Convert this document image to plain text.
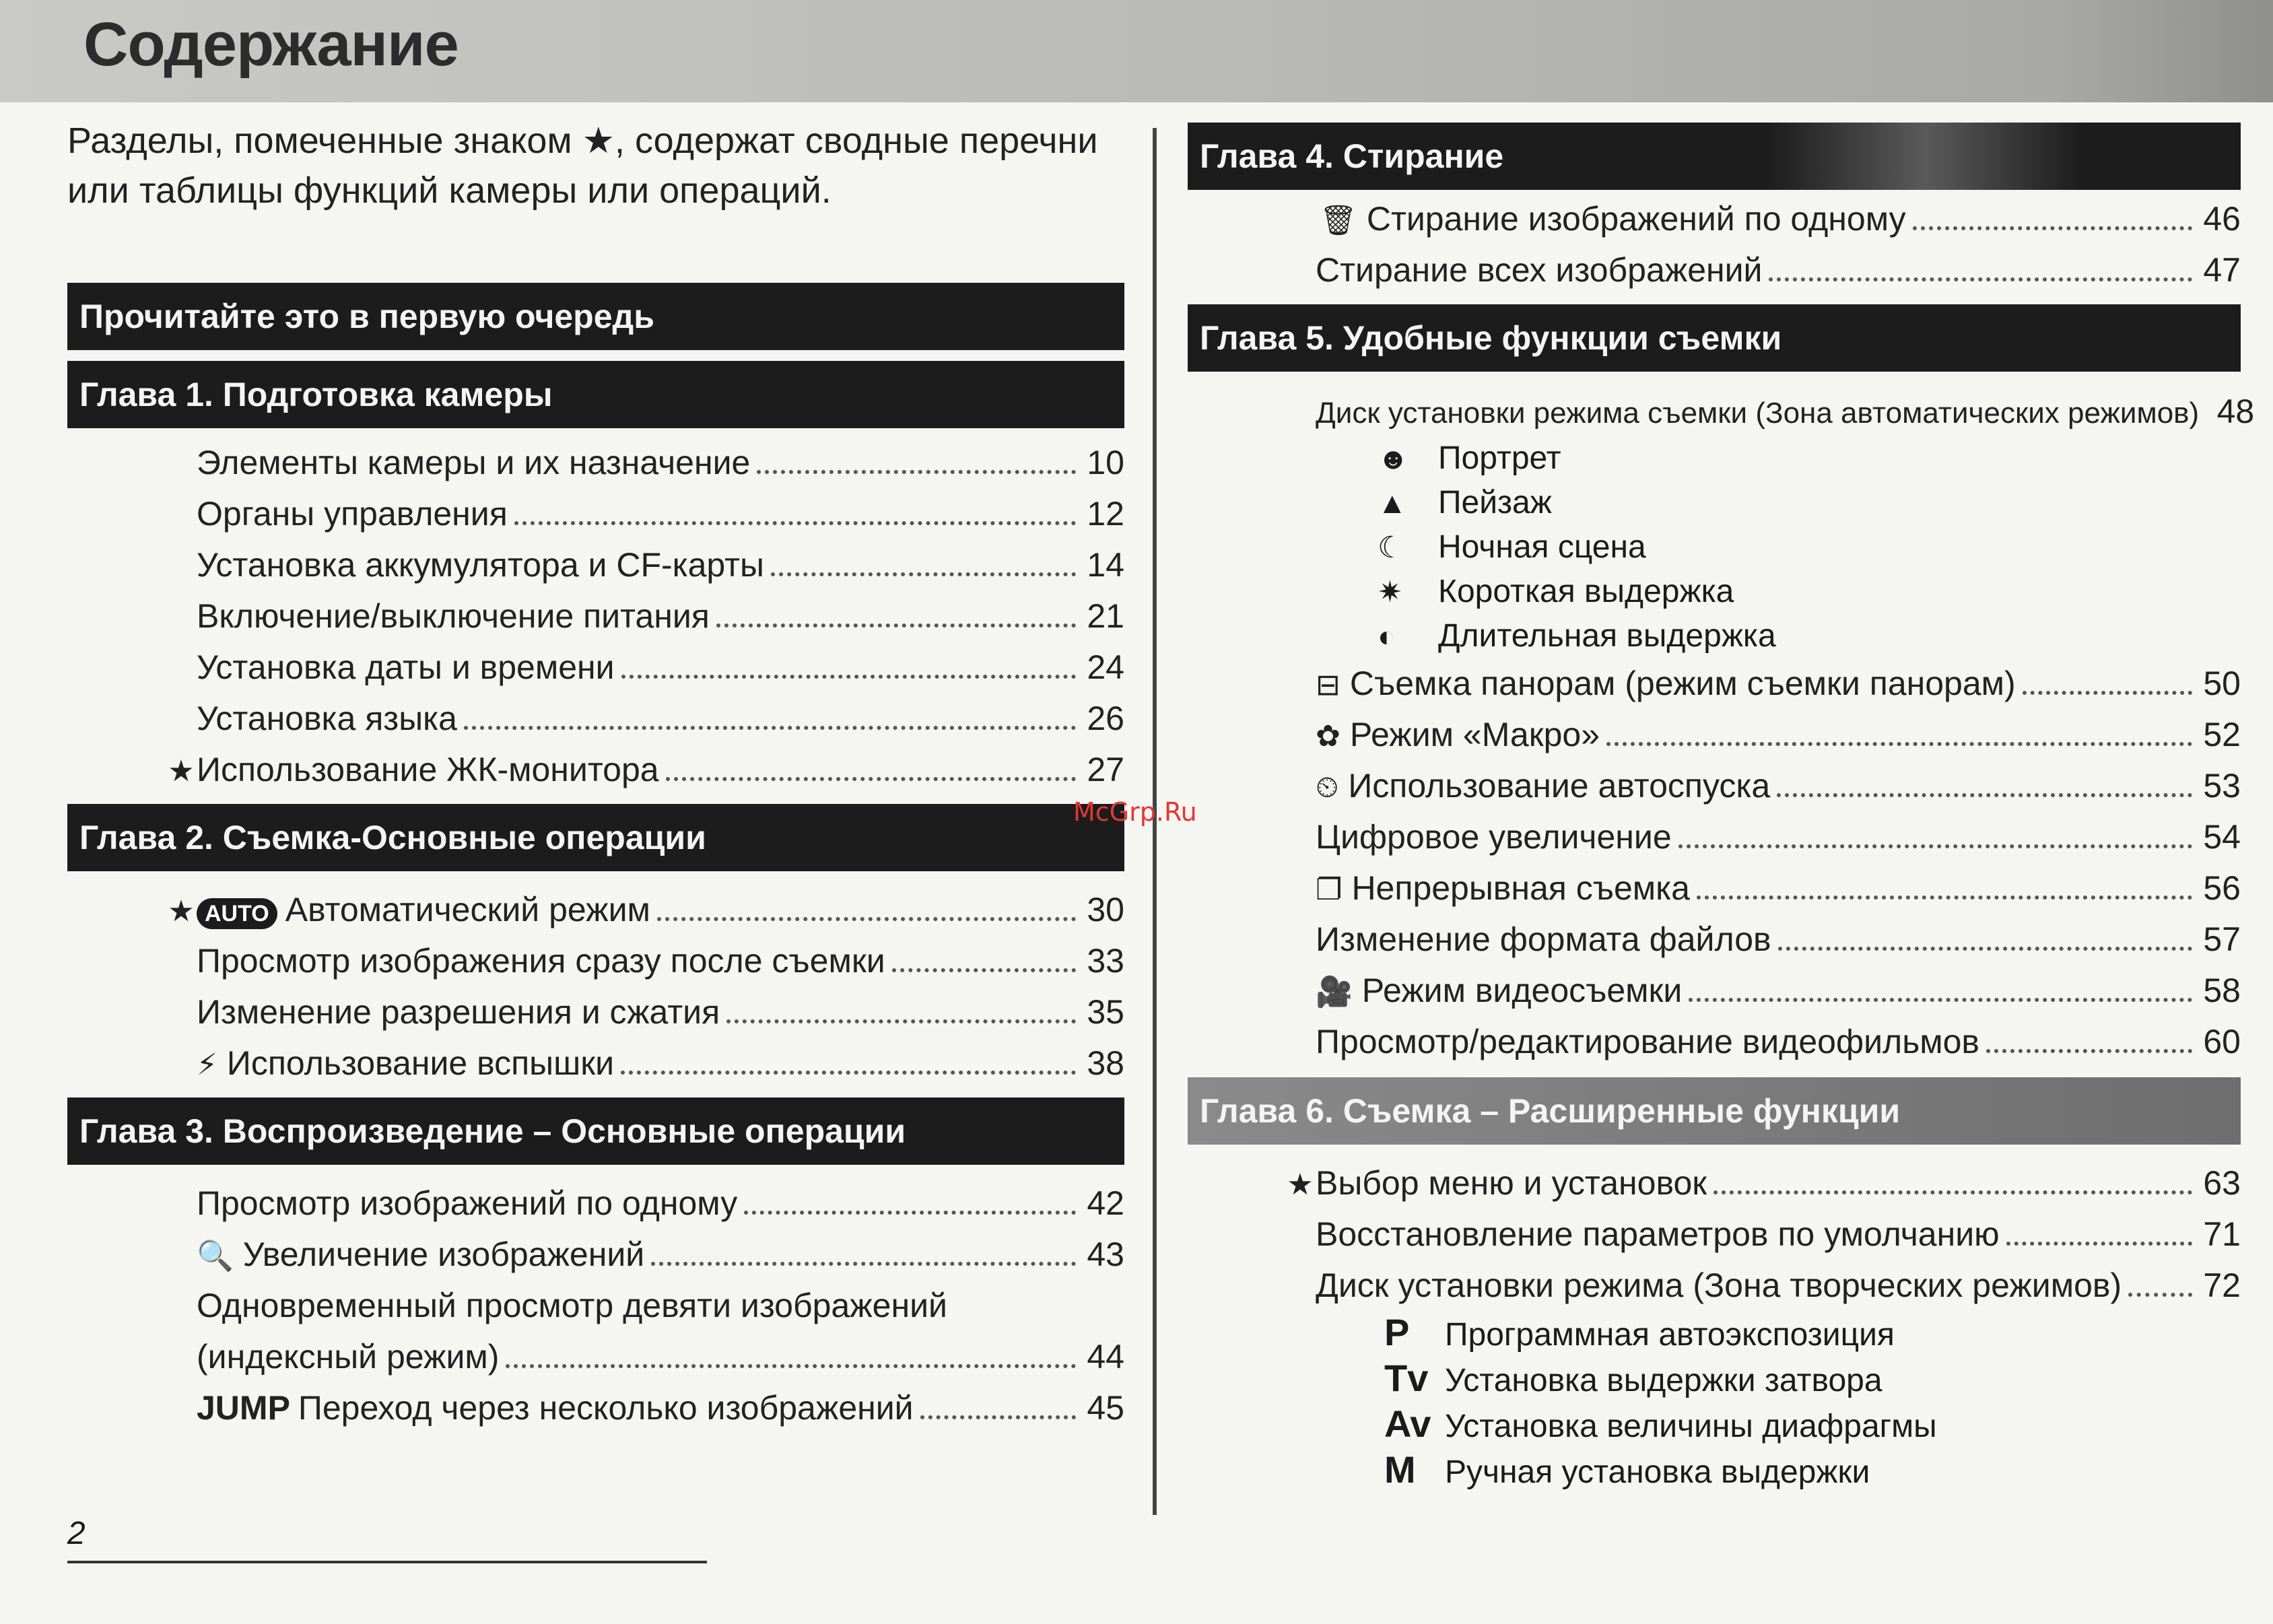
Содержание
Разделы, помеченные знаком ★, содержат сводные перечни или таблицы функций камеры или операций.
Прочитайте это в первую очередь
Глава 1. Подготовка камеры
Элементы камеры и их назначение	10
Органы управления	12
Установка аккумулятора и CF-карты	14
Включение/выключение питания	21
Установка даты и времени	24
Установка языка	26
★ Использование ЖК-монитора	27
Глава 2. Съемка-Основные операции
★ AUTO Автоматический режим	30
Просмотр изображения сразу после съемки	33
Изменение разрешения и сжатия	35
⚡ Использование вспышки	38
Глава 3. Воспроизведение – Основные операции
Просмотр изображений по одному	42
🔍 Увеличение изображений	43
Одновременный просмотр девяти изображений
(индексный режим)	44
JUMP Переход через несколько изображений	45
Глава 4. Стирание
🗑 Стирание изображений по одному	46
Стирание всех изображений	47
Глава 5. Удобные функции съемки
Диск установки режима съемки (Зона автоматических режимов) 48
☻ Портрет
▲ Пейзаж
☾ Ночная сцена
✷ Короткая выдержка
◐ Длительная выдержка
⊟ Съемка панорам (режим съемки панорам)	50
✿ Режим «Макро»	52
⏲ Использование автоспуска	53
Цифровое увеличение	54
❐ Непрерывная съемка	56
Изменение формата файлов	57
🎥 Режим видеосъемки	58
Просмотр/редактирование видеофильмов	60
Глава 6. Съемка – Расширенные функции
★ Выбор меню и установок	63
Восстановление параметров по умолчанию	71
Диск установки режима (Зона творческих режимов) 72
P Программная автоэкспозиция
Tv Установка выдержки затвора
Av Установка величины диафрагмы
M Ручная установка выдержки
McGrp.Ru
2
